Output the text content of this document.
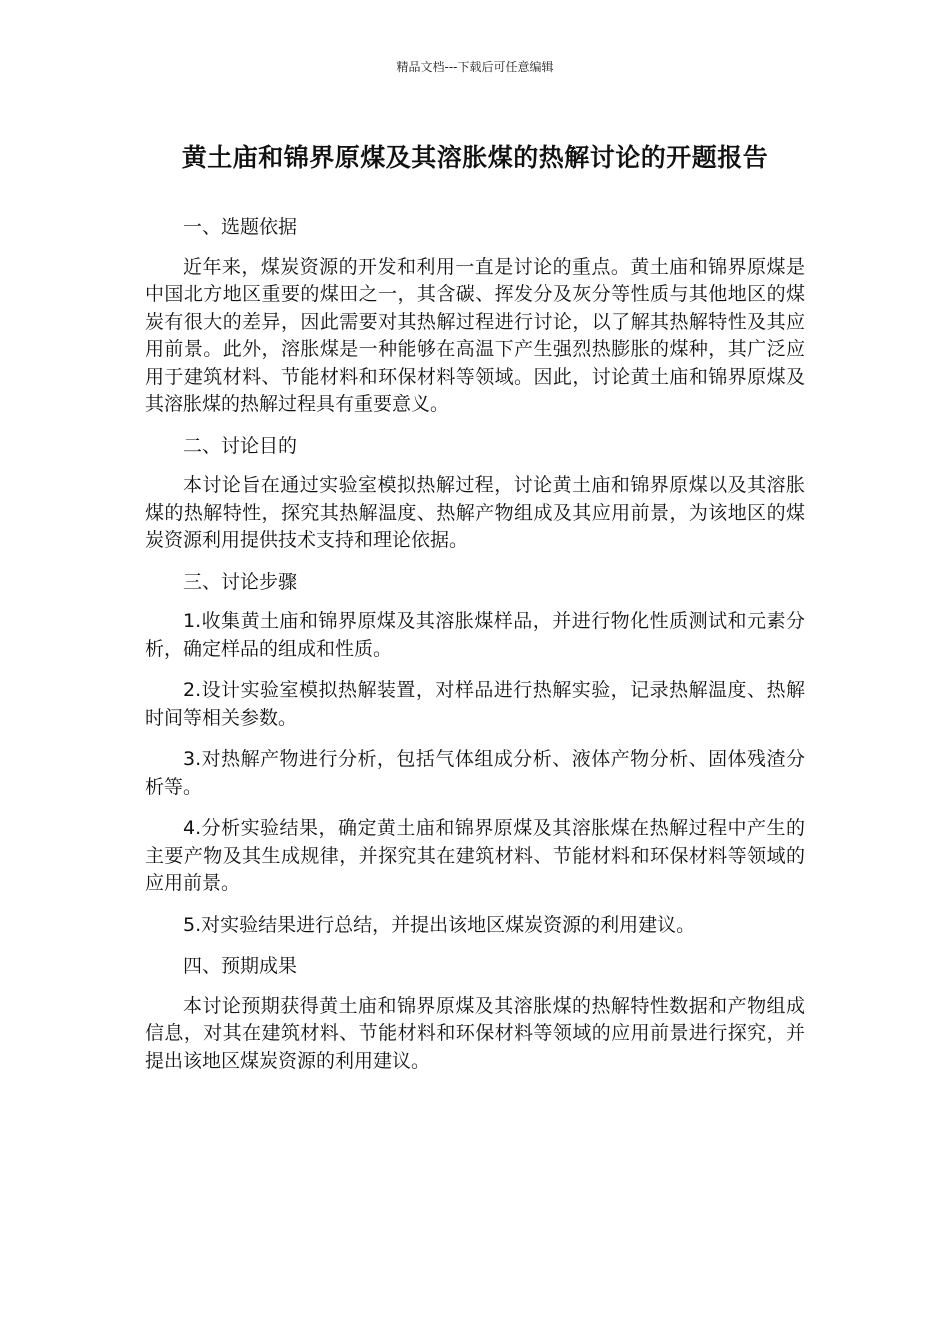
精品文档---下载后可任意编辑
黄土庙和锦界原煤及其溶胀煤的热解讨论的开题报告

一、选题依据

近年来，煤炭资源的开发和利用一直是讨论的重点。黄土庙和锦界原煤是中国北方地区重要的煤田之一，其含碳、挥发分及灰分等性质与其他地区的煤炭有很大的差异，因此需要对其热解过程进行讨论，以了解其热解特性及其应用前景。此外，溶胀煤是一种能够在高温下产生强烈热膨胀的煤种，其广泛应用于建筑材料、节能材料和环保材料等领域。因此，讨论黄土庙和锦界原煤及其溶胀煤的热解过程具有重要意义。

二、讨论目的

本讨论旨在通过实验室模拟热解过程，讨论黄土庙和锦界原煤以及其溶胀煤的热解特性，探究其热解温度、热解产物组成及其应用前景，为该地区的煤炭资源利用提供技术支持和理论依据。

三、讨论步骤

1.收集黄土庙和锦界原煤及其溶胀煤样品，并进行物化性质测试和元素分析，确定样品的组成和性质。

2.设计实验室模拟热解装置，对样品进行热解实验，记录热解温度、热解时间等相关参数。

3.对热解产物进行分析，包括气体组成分析、液体产物分析、固体残渣分析等。

4.分析实验结果，确定黄土庙和锦界原煤及其溶胀煤在热解过程中产生的主要产物及其生成规律，并探究其在建筑材料、节能材料和环保材料等领域的应用前景。

5.对实验结果进行总结，并提出该地区煤炭资源的利用建议。

四、预期成果

本讨论预期获得黄土庙和锦界原煤及其溶胀煤的热解特性数据和产物组成信息，对其在建筑材料、节能材料和环保材料等领域的应用前景进行探究，并提出该地区煤炭资源的利用建议。
